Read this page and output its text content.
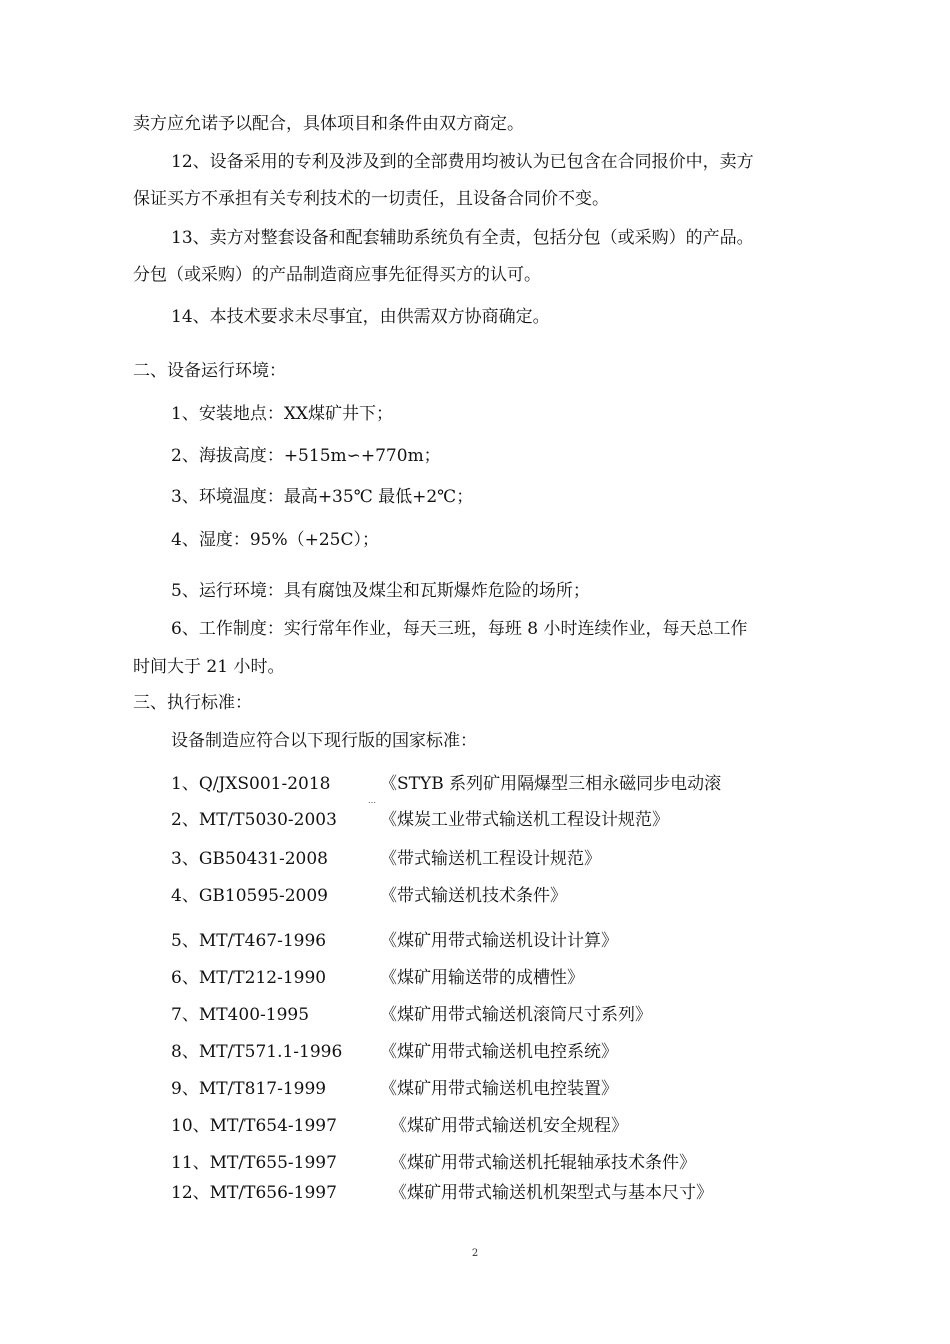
卖方应允诺予以配合，具体项目和条件由双方商定。
12、设备采用的专利及涉及到的全部费用均被认为已包含在合同报价中，卖方
保证买方不承担有关专利技术的一切责任，且设备合同价不变。
13、卖方对整套设备和配套辅助系统负有全责，包括分包（或采购）的产品。
分包（或采购）的产品制造商应事先征得买方的认可。
14、本技术要求未尽事宜，由供需双方协商确定。
二、设备运行环境：
1、安装地点：XX煤矿井下；
2、海拔高度：+515m∽+770m；
3、环境温度：最高+35℃ 最低+2℃；
4、湿度：95%（+25C）；
5、运行环境：具有腐蚀及煤尘和瓦斯爆炸危险的场所；
6、工作制度：实行常年作业，每天三班，每班 8 小时连续作业，每天总工作
时间大于 21 小时。
三、执行标准：
设备制造应符合以下现行版的国家标准：
1、Q/JXS001-2018	《STYB 系列矿用隔爆型三相永磁同步电动滚
․․․
2、MT/T5030-2003	《煤炭工业带式输送机工程设计规范》
3、GB50431-2008	《带式输送机工程设计规范》
4、GB10595-2009	《带式输送机技术条件》
5、MT/T467-1996	《煤矿用带式输送机设计计算》
6、MT/T212-1990	《煤矿用输送带的成槽性》
7、MT400-1995	《煤矿用带式输送机滚筒尺寸系列》
8、MT/T571.1-1996 《煤矿用带式输送机电控系统》
9、MT/T817-1999	《煤矿用带式输送机电控装置》
10、MT/T654-1997	《煤矿用带式输送机安全规程》
11、MT/T655-1997	《煤矿用带式输送机托辊轴承技术条件》
12、MT/T656-1997	《煤矿用带式输送机机架型式与基本尺寸》
2
